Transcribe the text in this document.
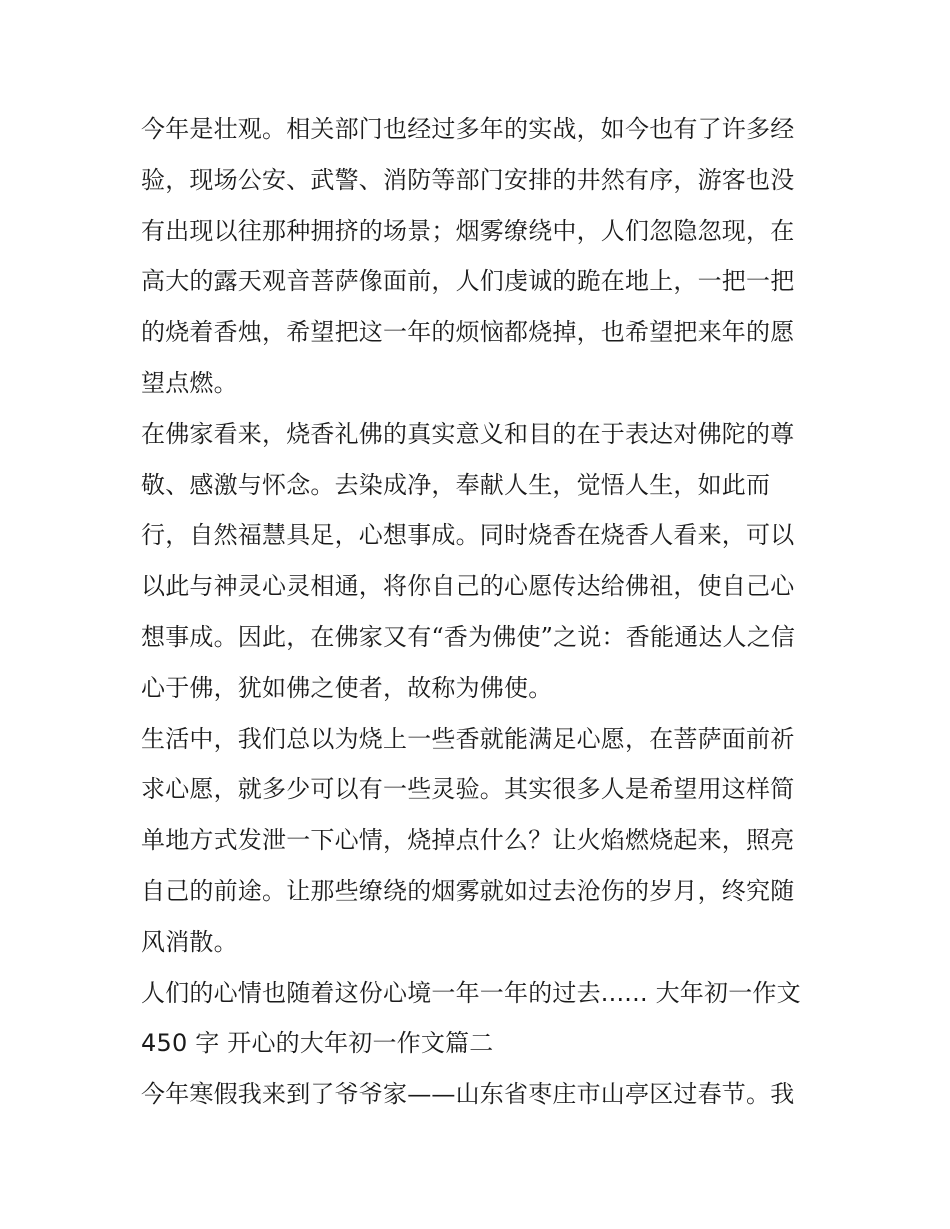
今年是壮观。相关部门也经过多年的实战，如今也有了许多经
验，现场公安、武警、消防等部门安排的井然有序，游客也没
有出现以往那种拥挤的场景；烟雾缭绕中，人们忽隐忽现，在
高大的露天观音菩萨像面前，人们虔诚的跪在地上，一把一把
的烧着香烛，希望把这一年的烦恼都烧掉，也希望把来年的愿
望点燃。
在佛家看来，烧香礼佛的真实意义和目的在于表达对佛陀的尊
敬、感激与怀念。去染成净，奉献人生，觉悟人生，如此而
行，自然福慧具足，心想事成。同时烧香在烧香人看来，可以
以此与神灵心灵相通，将你自己的心愿传达给佛祖，使自己心
想事成。因此，在佛家又有“香为佛使”之说：香能通达人之信
心于佛，犹如佛之使者，故称为佛使。
生活中，我们总以为烧上一些香就能满足心愿，在菩萨面前祈
求心愿，就多少可以有一些灵验。其实很多人是希望用这样简
单地方式发泄一下心情，烧掉点什么？让火焰燃烧起来，照亮
自己的前途。让那些缭绕的烟雾就如过去沧伤的岁月，终究随
风消散。
人们的心情也随着这份心境一年一年的过去...... 大年初一作文
450 字 开心的大年初一作文篇二
今年寒假我来到了爷爷家——山东省枣庄市山亭区过春节。我
